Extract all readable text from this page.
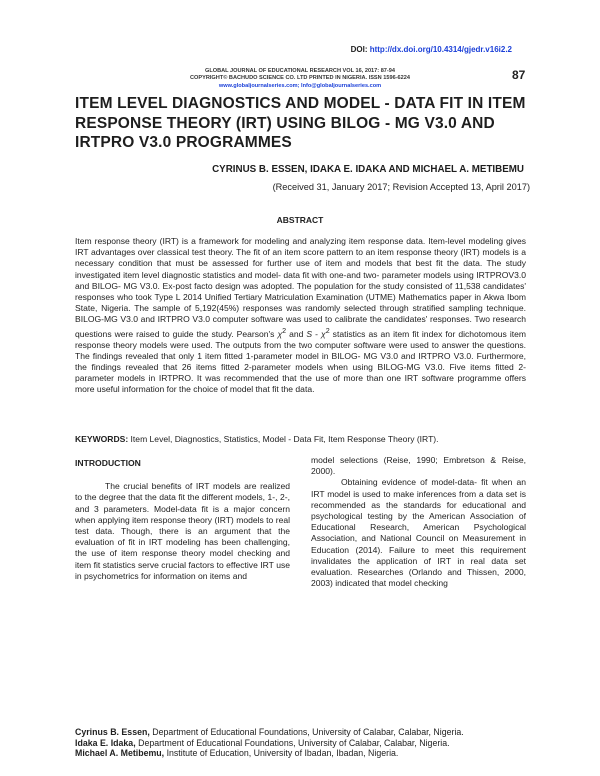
DOI: http://dx.doi.org/10.4314/gjedr.v16i2.2
GLOBAL JOURNAL OF EDUCATIONAL RESEARCH VOL 16, 2017: 87-94
COPYRIGHT© BACHUDO SCIENCE CO. LTD PRINTED IN NIGERIA. ISSN 1596-6224
www.globaljournalseries.com; Info@globaljournalseries.com
87
ITEM LEVEL DIAGNOSTICS AND MODEL - DATA FIT IN ITEM RESPONSE THEORY (IRT) USING BILOG - MG V3.0 AND IRTPRO V3.0 PROGRAMMES
CYRINUS B. ESSEN, IDAKA E. IDAKA AND MICHAEL A. METIBEMU
(Received 31, January 2017; Revision Accepted 13, April 2017)
ABSTRACT
Item response theory (IRT) is a framework for modeling and analyzing item response data. Item-level modeling gives IRT advantages over classical test theory. The fit of an item score pattern to an item response theory (IRT) models is a necessary condition that must be assessed for further use of item and models that best fit the data. The study investigated item level diagnostic statistics and model- data fit with one-and two- parameter models using IRTPROV3.0 and BILOG- MG V3.0. Ex-post facto design was adopted. The population for the study consisted of 11,538 candidates' responses who took Type L 2014 Unified Tertiary Matriculation Examination (UTME) Mathematics paper in Akwa Ibom State, Nigeria. The sample of 5,192(45%) responses was randomly selected through stratified sampling technique. BILOG-MG V3.0 and IRTPRO V3.0 computer software was used to calibrate the candidates' responses. Two research questions were raised to guide the study. Pearson's $\chi^2$ and S - $\chi^2$ statistics as an item fit index for dichotomous item response theory models were used. The outputs from the two computer software were used to answer the questions. The findings revealed that only 1 item fitted 1-parameter model in BILOG- MG V3.0 and IRTPRO V3.0. Furthermore, the findings revealed that 26 items fitted 2-parameter models when using BILOG-MG V3.0. Five items fitted 2-parameter models in IRTPRO. It was recommended that the use of more than one IRT software programme offers more useful information for the choice of model that fit the data.
KEYWORDS: Item Level, Diagnostics, Statistics, Model - Data Fit, Item Response Theory (IRT).
INTRODUCTION

The crucial benefits of IRT models are realized to the degree that the data fit the different models, 1-, 2-, and 3 parameters. Model-data fit is a major concern when applying item response theory (IRT) models to real test data. Though, there is an argument that the evaluation of fit in IRT modeling has been challenging, the use of item response theory model checking and item fit statistics serve crucial factors to effective IRT use in psychometrics for information on items and

model selections (Reise, 1990; Embretson & Reise, 2000).

Obtaining evidence of model-data- fit when an IRT model is used to make inferences from a data set is recommended as the standards for educational and psychological testing by the American Association of Educational Research, American Psychological Association, and National Council on Measurement in Education (2014). Failure to meet this requirement invalidates the application of IRT in real data set evaluation. Researches (Orlando and Thissen, 2000, 2003) indicated that model checking

Cyrinus B. Essen, Department of Educational Foundations, University of Calabar, Calabar, Nigeria.
Idaka E. Idaka, Department of Educational Foundations, University of Calabar, Calabar, Nigeria.
Michael A. Metibemu, Institute of Education, University of Ibadan, Ibadan, Nigeria.
